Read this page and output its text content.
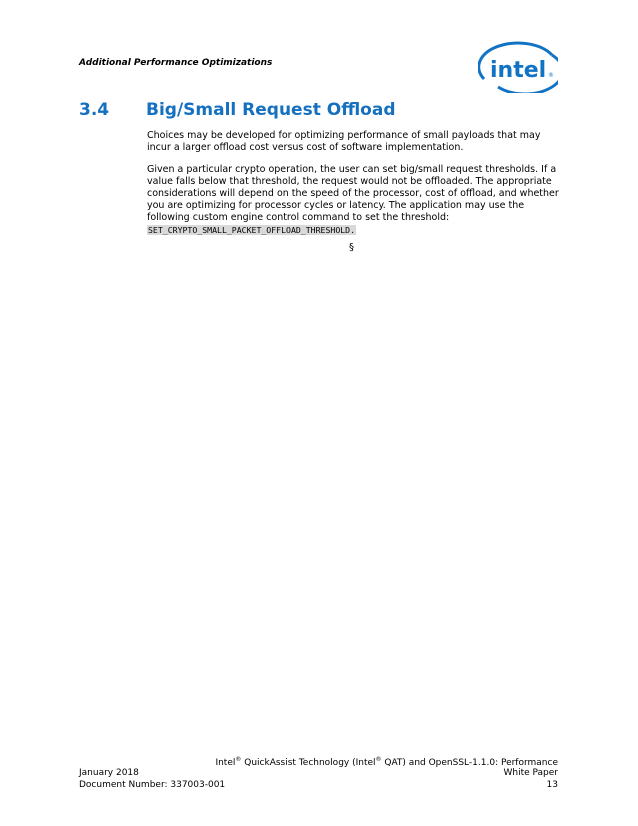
Additional Performance Optimizations	intel ®
3.4 Big/Small Request Offload
Choices may be developed for optimizing performance of small payloads that may incur a larger offload cost versus cost of software implementation.
Given a particular crypto operation, the user can set big/small request thresholds. If a value falls below that threshold, the request would not be offloaded. The appropriate considerations will depend on the speed of the processor, cost of offload, and whether you are optimizing for processor cycles or latency. The application may use the following custom engine control command to set the threshold:
SET_CRYPTO_SMALL_PACKET_OFFLOAD_THRESHOLD.
§
Intel® QuickAssist Technology (Intel® QAT) and OpenSSL-1.1.0: Performance
January 2018	White Paper
Document Number: 337003-001	13
